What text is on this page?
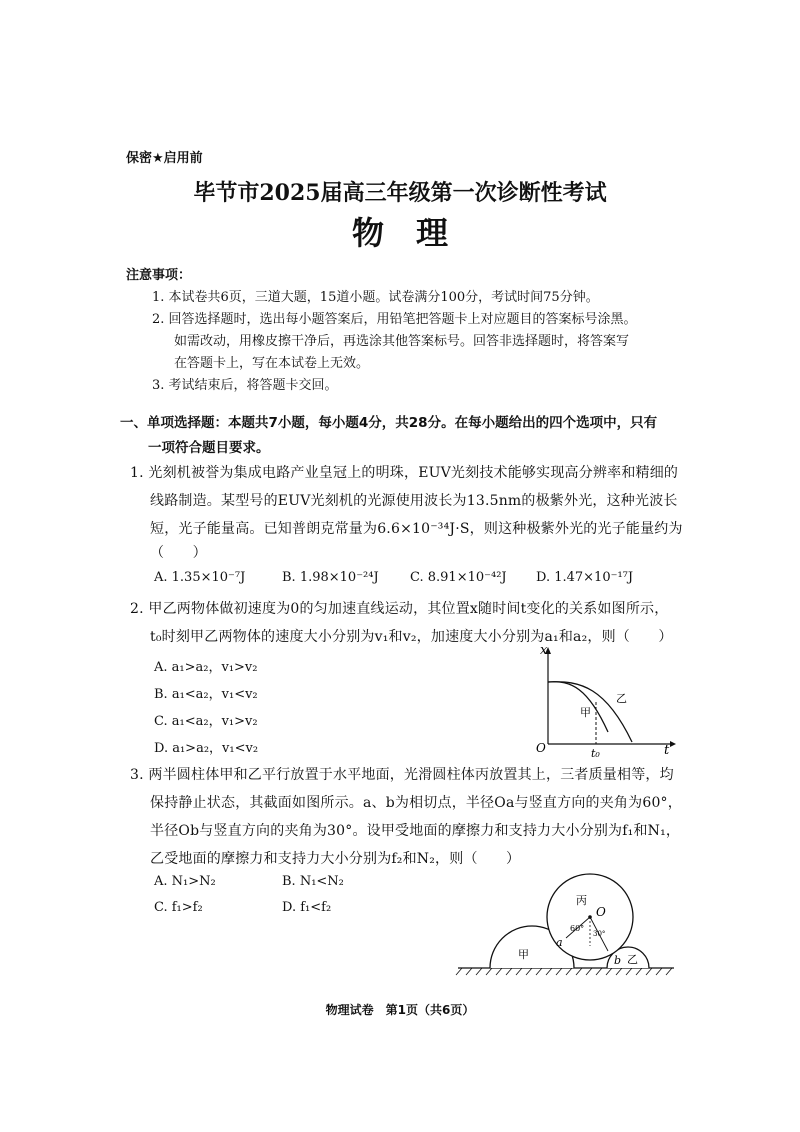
保密★启用前
毕节市2025届高三年级第一次诊断性考试
物　理
注意事项：
1. 本试卷共6页，三道大题，15道小题。试卷满分100分，考试时间75分钟。
2. 回答选择题时，选出每小题答案后，用铅笔把答题卡上对应题目的答案标号涂黑。
如需改动，用橡皮擦干净后，再选涂其他答案标号。回答非选择题时，将答案写
在答题卡上，写在本试卷上无效。
3. 考试结束后，将答题卡交回。
一、单项选择题：本题共7小题，每小题4分，共28分。在每小题给出的四个选项中，只有
一项符合题目要求。
1. 光刻机被誉为集成电路产业皇冠上的明珠，EUV光刻技术能够实现高分辨率和精细的
线路制造。某型号的EUV光刻机的光源使用波长为13.5nm的极紫外光，这种光波长
短，光子能量高。已知普朗克常量为6.6×10⁻³⁴J·S，则这种极紫外光的光子能量约为
（　　）
A. 1.35×10⁻⁷J	B. 1.98×10⁻²⁴J C. 8.91×10⁻⁴²J D. 1.47×10⁻¹⁷J
2. 甲乙两物体做初速度为0的匀加速直线运动，其位置x随时间t变化的关系如图所示，
t₀时刻甲乙两物体的速度大小分别为v₁和v₂，加速度大小分别为a₁和a₂，则（　　）
A. a₁>a₂，v₁>v₂
B. a₁<a₂，v₁<v₂
C. a₁<a₂，v₁>v₂
D. a₁>a₂，v₁<v₂	O	t
x
t₀
甲
乙
3. 两半圆柱体甲和乙平行放置于水平地面，光滑圆柱体丙放置其上，三者质量相等，均
保持静止状态，其截面如图所示。a、b为相切点，半径Oa与竖直方向的夹角为60°，
半径Ob与竖直方向的夹角为30°。设甲受地面的摩擦力和支持力大小分别为f₁和N₁，
乙受地面的摩擦力和支持力大小分别为f₂和N₂，则（　　）
A. N₁>N₂	B. N₁<N₂
C. f₁>f₂	D. f₁<f₂	丙
O
甲	乙
a
b
60°
30°
物理试卷　第1页（共6页）
